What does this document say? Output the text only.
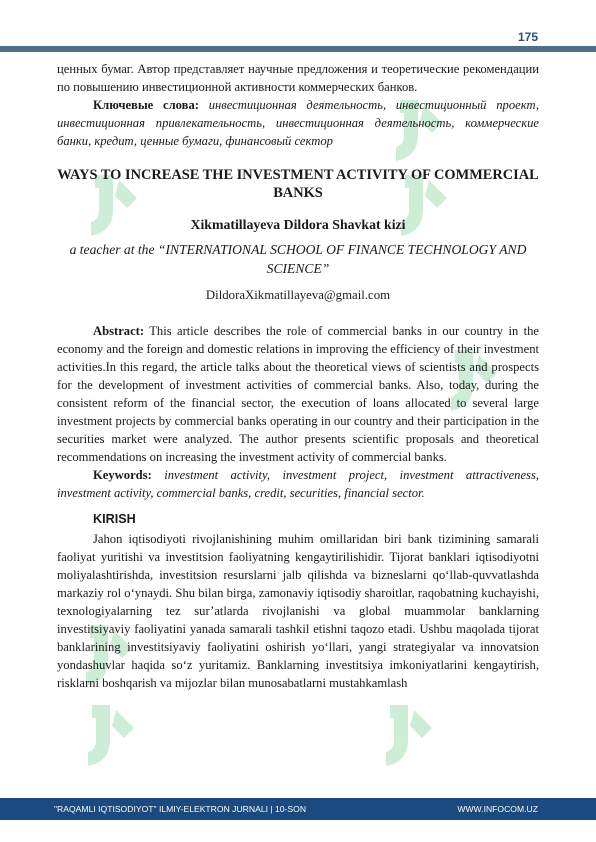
175

ценных бумаг. Автор представляет научные предложения и теоретические рекомендации по повышению инвестиционной активности коммерческих банков.

Ключевые слова: инвестиционная деятельность, инвестиционный проект, инвестиционная привлекательность, инвестиционная деятельность, коммерческие банки, кредит, ценные бумаги, финансовый сектор

WAYS TO INCREASE THE INVESTMENT ACTIVITY OF COMMERCIAL BANKS
Xikmatillayeva Dildora Shavkat kizi
a teacher at the “INTERNATIONAL SCHOOL OF FINANCE TECHNOLOGY AND SCIENCE”
DildoraXikmatillayeva@gmail.com

Abstract: This article describes the role of commercial banks in our country in the economy and the foreign and domestic relations in improving the efficiency of their investment activities.In this regard, the article talks about the theoretical views of scientists and prospects for the development of investment activities of commercial banks. Also, today, during the consistent reform of the financial sector, the execution of loans allocated to several large investment projects by commercial banks operating in our country and their participation in the securities market were analyzed. The author presents scientific proposals and theoretical recommendations on increasing the investment activity of commercial banks.

Keywords: investment activity, investment project, investment attractiveness, investment activity, commercial banks, credit, securities, financial sector.

KIRISH

Jahon iqtisodiyoti rivojlanishining muhim omillaridan biri bank tizimining samarali faoliyat yuritishi va investitsion faoliyatning kengaytirilishidir. Tijorat banklari iqtisodiyotni moliyalashtirishda, investitsion resurslarni jalb qilishda va bizneslarni qo‘llab-quvvatlashda markaziy rol o‘ynaydi. Shu bilan birga, zamonaviy iqtisodiy sharoitlar, raqobatning kuchayishi, texnologiyalarning tez sur’atlarda rivojlanishi va global muammolar banklarning investitsiyaviy faoliyatini yanada samarali tashkil etishni taqozo etadi. Ushbu maqolada tijorat banklarining investitsiyaviy faoliyatini oshirish yo‘llari, yangi strategiyalar va innovatsion yondashuvlar haqida so‘z yuritamiz. Banklarning investitsiya imkoniyatlarini kengaytirish, risklarni boshqarish va mijozlar bilan munosabatlarni mustahkamlash

"RAQAMLI IQTISODIYOT" ILMIY-ELEKTRON JURNALI | 10-SON	WWW.INFOCOM.UZ
